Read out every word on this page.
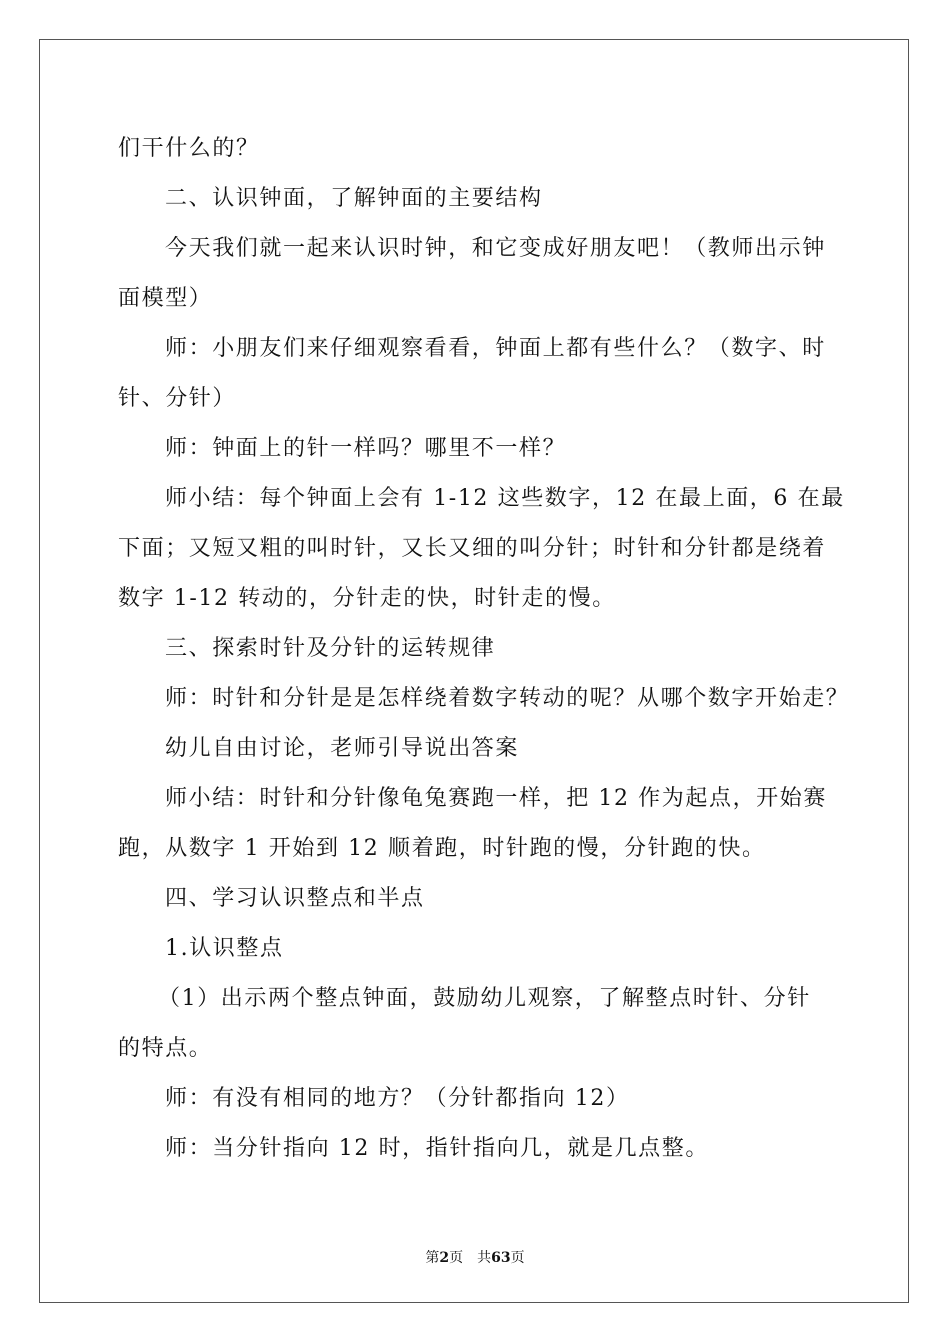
们干什么的？
二、认识钟面，了解钟面的主要结构
今天我们就一起来认识时钟，和它变成好朋友吧！（教师出示钟
面模型）
师：小朋友们来仔细观察看看，钟面上都有些什么？（数字、时
针、分针）
师：钟面上的针一样吗？哪里不一样？
师小结：每个钟面上会有 1-12 这些数字，12 在最上面，6 在最
下面；又短又粗的叫时针，又长又细的叫分针；时针和分针都是绕着
数字 1-12 转动的，分针走的快，时针走的慢。
三、探索时针及分针的运转规律
师：时针和分针是是怎样绕着数字转动的呢？从哪个数字开始走？
幼儿自由讨论，老师引导说出答案
师小结：时针和分针像龟兔赛跑一样，把 12 作为起点，开始赛
跑，从数字 1 开始到 12 顺着跑，时针跑的慢，分针跑的快。
四、学习认识整点和半点
1.认识整点
（1）出示两个整点钟面，鼓励幼儿观察，了解整点时针、分针
的特点。
师：有没有相同的地方？（分针都指向 12）
师：当分针指向 12 时，指针指向几，就是几点整。
第2页 共63页
